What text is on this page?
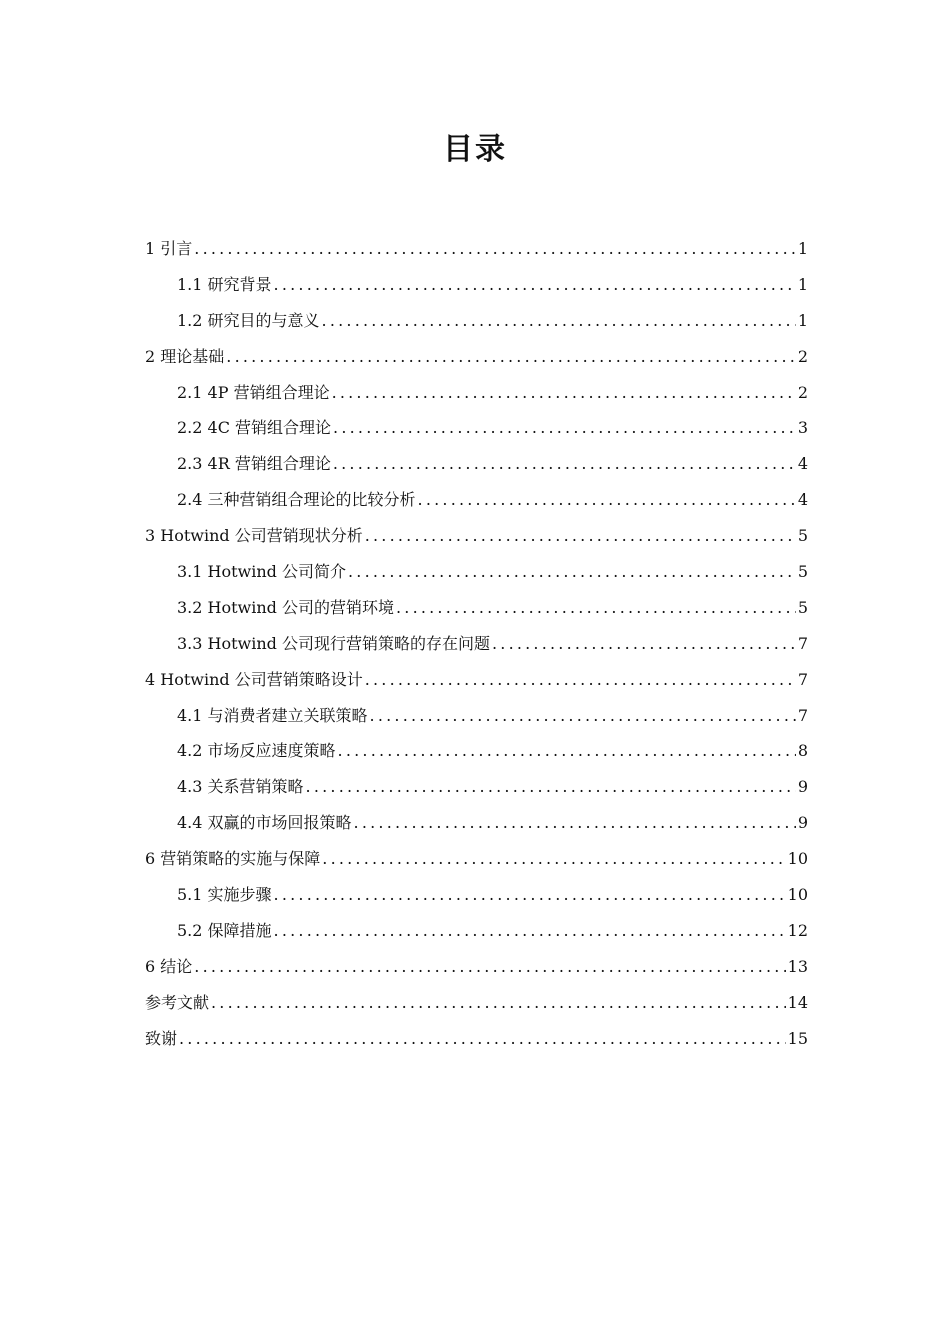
目录
1 引言 .....	1
1.1 研究背景 .....	1
1.2 研究目的与意义 .....	1
2 理论基础 .....	2
2.1 4P 营销组合理论 .....	2
2.2 4C 营销组合理论 .....	3
2.3 4R 营销组合理论 .....	4
2.4 三种营销组合理论的比较分析 .....	4
3 Hotwind 公司营销现状分析 .....	5
3.1 Hotwind 公司简介 .....	5
3.2 Hotwind 公司的营销环境 .....	5
3.3 Hotwind 公司现行营销策略的存在问题 .....	7
4 Hotwind 公司营销策略设计 .....	7
4.1 与消费者建立关联策略 .....	7
4.2 市场反应速度策略 .....	8
4.3 关系营销策略 .....	9
4.4 双赢的市场回报策略 .....	9
6 营销策略的实施与保障 .....	10
5.1 实施步骤 .....	10
5.2 保障措施 .....	12
6 结论 .....	13
参考文献 .....	14
致谢 .....	15
